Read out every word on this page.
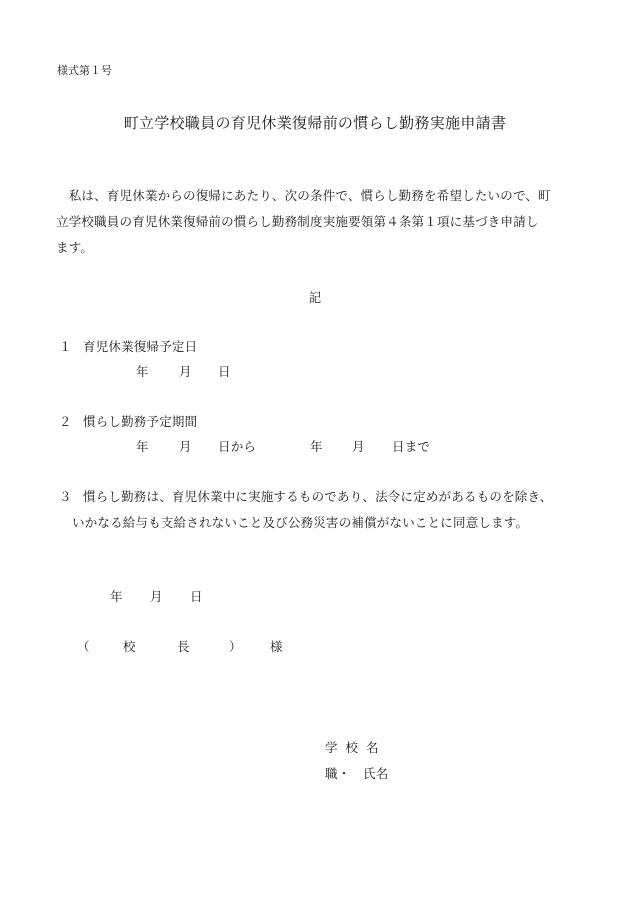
様式第１号
町立学校職員の育児休業復帰前の慣らし勤務実施申請書
　私は、育児休業からの復帰にあたり、次の条件で、慣らし勤務を希望したいので、町
立学校職員の育児休業復帰前の慣らし勤務制度実施要領第４条第１項に基づき申請し
ます。
記
１ 育児休業復帰予定日
年 月 日
２ 慣らし勤務予定期間
年 月 日から	年 月 日まで
３ 慣らし勤務は、育児休業中に実施するものであり、法令に定めがあるものを除き、
いかなる給与も支給されないこと及び公務災害の補償がないことに同意します。
年 月 日
（	校	長	） 様
学校名
職・　氏名
